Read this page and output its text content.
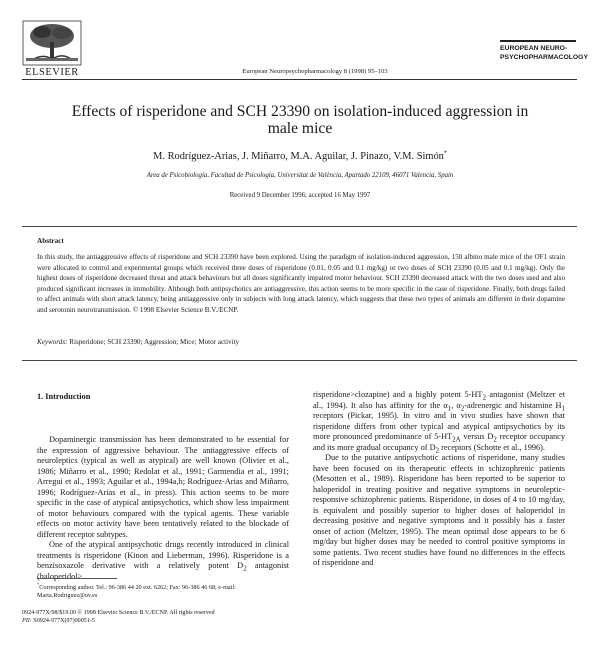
ELSEVIER	European Neuropsychopharmacology 8 (1998) 95–103
EUROPEAN NEURO-
PSYCHOPHARMACOLOGY
Effects of risperidone and SCH 23390 on isolation-induced aggression in
male mice
M. Rodríguez-Arias, J. Miñarro, M.A. Aguilar, J. Pinazo, V.M. Simón*
Area de Psicobiología, Facultad de Psicología, Universitat de València, Apartado 22109, 46071 Valencia, Spain
Received 9 December 1996; accepted 16 May 1997
Abstract
In this study, the antiaggressive effects of risperidone and SCH 23390 have been explored. Using the paradigm of isolation-induced aggression, 150 albino male mice of the OF1 strain were allocated to control and experimental groups which received three doses of risperidone (0.01, 0.05 and 0.1 mg/kg) or two doses of SCH 23390 (0.05 and 0.1 mg/kg). Only the highest doses of risperidone decreased threat and attack behaviours but all doses significantly impaired motor behaviour. SCH 23390 decreased attack with the two doses used and also produced significant increases in immobility. Although both antipsychotics are antiaggressive, this action seems to be more specific in the case of risperidone. Finally, both drugs failed to affect animals with short attack latency, being antiaggressive only in subjects with long attack latency, which suggests that these two types of animals are different in their dopamine and serotonin neurotransmission. © 1998 Elsevier Science B.V./ECNP.
Keywords: Risperidone; SCH 23390; Aggression; Mice; Motor activity
1. Introduction

Dopaminergic transmission has been demonstrated to be essential for the expression of aggressive behaviour. The antiaggressive effects of neuroleptics (typical as well as atypical) are well known (Olivier et al., 1986; Miñarro et al., 1990; Redolat et al., 1991; Garmendia et al., 1991; Arregui et al., 1993; Aguilar et al., 1994a,b; Rodríguez-Arias and Miñarro, 1996; Rodríguez-Arias et al., in press). This action seems to be more specific in the case of atypical antipsychotics, which show less impairment of motor behaviours compared with the typical agents. These variable effects on motor activity have been tentatively related to the blockade of different receptor subtypes.

One of the atypical antipsychotic drugs recently introduced in clinical treatments is risperidone (Kinon and Lieberman, 1996). Risperidone is a benzisoxazole derivative with a relatively potent $D_2$ antagonist (haloperidol>

risperidone>clozapine) and a highly potent $5-HT_2$ antagonist (Meltzer et al., 1994). It also has affinity for the $\alpha_1$, $\alpha_2$-adrenergic and histamine $H_1$ receptors (Pickar, 1995). In vitro and in vivo studies have shown that risperidone differs from other typical and atypical antipsychotics by its more pronounced predominance of $5-HT_{2A}$ versus $D_2$ receptor occupancy and its more gradual occupancy of $D_2$ receptors (Schotte et al., 1996).

Due to the putative antipsychotic actions of risperidone, many studies have been focused on its therapeutic effects in schizophrenic patients (Mesotten et al., 1989). Risperidone has been reported to be superior to haloperidol in treating positive and negative symptoms in neuroleptic-responsive schizophrenic patients. Risperidone, in doses of 4 to 10 mg/day, is equivalent and possibly superior to higher doses of haloperidol in decreasing positive and negative symptoms and it possibly has a faster onset of action (Meltzer, 1995). The mean optimal dose appears to be 6 mg/day but higher doses may be needed to control positive symptoms in some patients. Two recent studies have found no differences in the effects of risperidone and

*Corresponding author. Tel.: 96-386 44 20 ext. 6262; Fax: 96-386 46 68; e-mail: Marta.Rodriguez@uv.es
0924-977X/98/$19.00 © 1998 Elsevier Science B.V./ECNP. All rights reserved
PII: S0924-977X(97)00051-5
